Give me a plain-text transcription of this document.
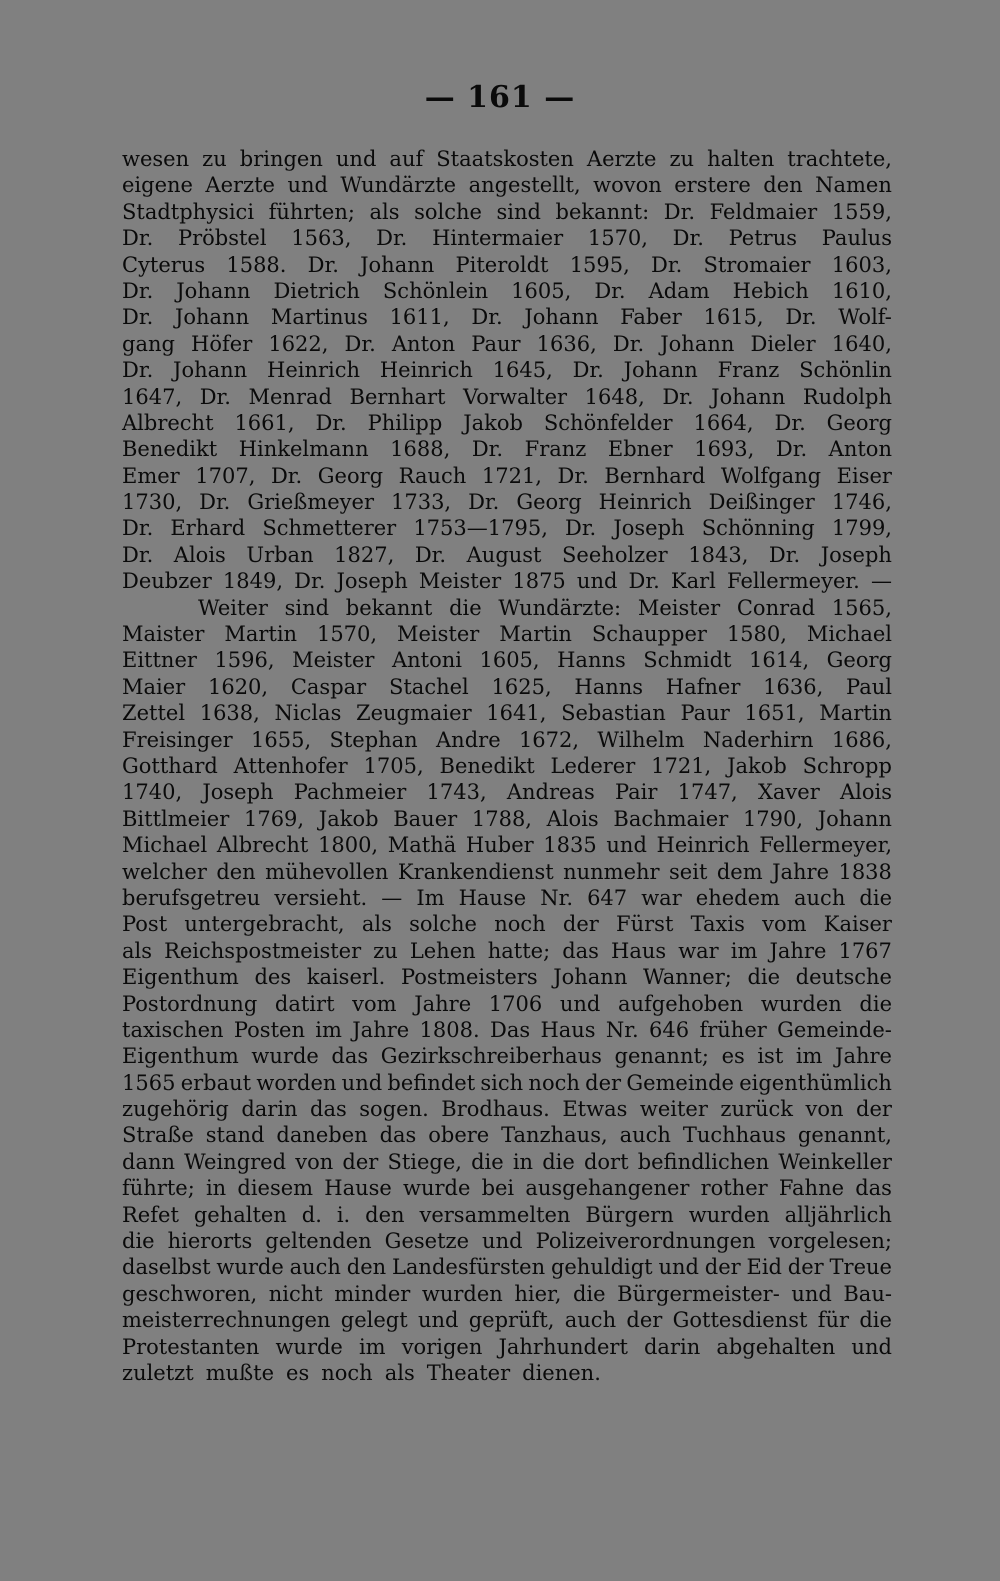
— 161 —
wesen zu bringen und auf Staatskosten Aerzte zu halten trachtete,
eigene Aerzte und Wundärzte angestellt, wovon erstere den Namen
Stadtphysici führten; als solche sind bekannt: Dr. Feldmaier 1559,
Dr. Pröbstel 1563, Dr. Hintermaier 1570, Dr. Petrus Paulus
Cyterus 1588. Dr. Johann Piteroldt 1595, Dr. Stromaier 1603,
Dr. Johann Dietrich Schönlein 1605, Dr. Adam Hebich 1610,
Dr. Johann Martinus 1611, Dr. Johann Faber 1615, Dr. Wolf-
gang Höfer 1622, Dr. Anton Paur 1636, Dr. Johann Dieler 1640,
Dr. Johann Heinrich Heinrich 1645, Dr. Johann Franz Schönlin
1647, Dr. Menrad Bernhart Vorwalter 1648, Dr. Johann Rudolph
Albrecht 1661, Dr. Philipp Jakob Schönfelder 1664, Dr. Georg
Benedikt Hinkelmann 1688, Dr. Franz Ebner 1693, Dr. Anton
Emer 1707, Dr. Georg Rauch 1721, Dr. Bernhard Wolfgang Eiser
1730, Dr. Grießmeyer 1733, Dr. Georg Heinrich Deißinger 1746,
Dr. Erhard Schmetterer 1753—1795, Dr. Joseph Schönning 1799,
Dr. Alois Urban 1827, Dr. August Seeholzer 1843, Dr. Joseph
Deubzer 1849, Dr. Joseph Meister 1875 und Dr. Karl Fellermeyer. —
Weiter sind bekannt die Wundärzte: Meister Conrad 1565,
Maister Martin 1570, Meister Martin Schaupper 1580, Michael
Eittner 1596, Meister Antoni 1605, Hanns Schmidt 1614, Georg
Maier 1620, Caspar Stachel 1625, Hanns Hafner 1636, Paul
Zettel 1638, Niclas Zeugmaier 1641, Sebastian Paur 1651, Martin
Freisinger 1655, Stephan Andre 1672, Wilhelm Naderhirn 1686,
Gotthard Attenhofer 1705, Benedikt Lederer 1721, Jakob Schropp
1740, Joseph Pachmeier 1743, Andreas Pair 1747, Xaver Alois
Bittlmeier 1769, Jakob Bauer 1788, Alois Bachmaier 1790, Johann
Michael Albrecht 1800, Mathä Huber 1835 und Heinrich Fellermeyer,
welcher den mühevollen Krankendienst nunmehr seit dem Jahre 1838
berufsgetreu versieht. — Im Hause Nr. 647 war ehedem auch die
Post untergebracht, als solche noch der Fürst Taxis vom Kaiser
als Reichspostmeister zu Lehen hatte; das Haus war im Jahre 1767
Eigenthum des kaiserl. Postmeisters Johann Wanner; die deutsche
Postordnung datirt vom Jahre 1706 und aufgehoben wurden die
taxischen Posten im Jahre 1808. Das Haus Nr. 646 früher Gemeinde-
Eigenthum wurde das Gezirkschreiberhaus genannt; es ist im Jahre
1565 erbaut worden und befindet sich noch der Gemeinde eigenthümlich
zugehörig darin das sogen. Brodhaus. Etwas weiter zurück von der
Straße stand daneben das obere Tanzhaus, auch Tuchhaus genannt,
dann Weingred von der Stiege, die in die dort befindlichen Weinkeller
führte; in diesem Hause wurde bei ausgehangener rother Fahne das
Refet gehalten d. i. den versammelten Bürgern wurden alljährlich
die hierorts geltenden Gesetze und Polizeiverordnungen vorgelesen;
daselbst wurde auch den Landesfürsten gehuldigt und der Eid der Treue
geschworen, nicht minder wurden hier, die Bürgermeister- und Bau-
meisterrechnungen gelegt und geprüft, auch der Gottesdienst für die
Protestanten wurde im vorigen Jahrhundert darin abgehalten und
zuletzt mußte es noch als Theater dienen.
